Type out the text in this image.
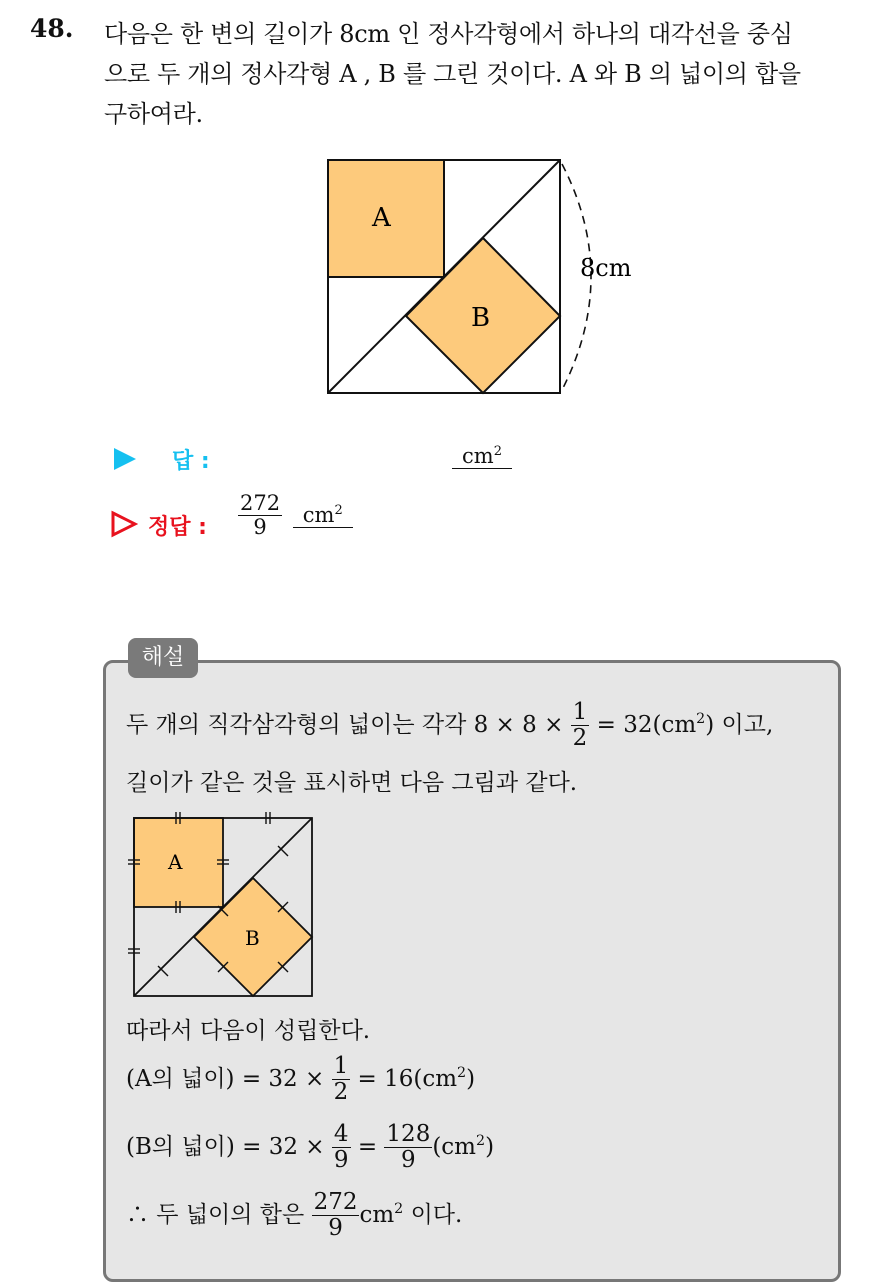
48. 다음은 한 변의 길이가 8cm 인 정사각형에서 하나의 대각선을 중심
으로 두 개의 정사각형 A , B 를 그린 것이다. A 와 B 의 넓이의 합을
구하여라.
A
B
8cm
답 :	$cm^2$
정답 : $\frac{272}{9} cm^2$
해설
두 개의 직각삼각형의 넓이는 각각 $8 \times 8 \times \frac{1}{2} = 32(cm^2)$ 이고,
길이가 같은 것을 표시하면 다음 그림과 같다.
A
B
따라서 다음이 성립한다.
(A의 넓이) = $32 \times \frac{1}{2} = 16(cm^2)$
(B의 넓이) = $32 \times \frac{4}{9} = \frac{128}{9} (cm^2)$
∴ 두 넓이의 합은 $\frac{272}{9} cm^2$ 이다.
